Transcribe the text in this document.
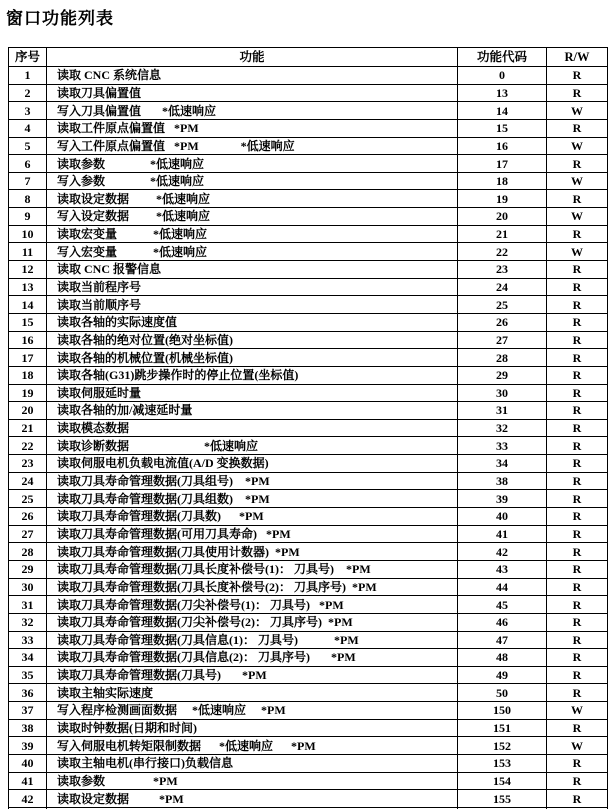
窗口功能列表
序号	功能	功能代码	R/W
1	读取 CNC 系统信息	0	R
2	读取刀具偏置值	13	R
3	写入刀具偏置值       *低速响应	14	W
4	读取工件原点偏置值   *PM	15	R
5	写入工件原点偏置值   *PM              *低速响应	16	W
6	读取参数               *低速响应	17	R
7	写入参数               *低速响应	18	W
8	读取设定数据         *低速响应	19	R
9	写入设定数据         *低速响应	20	W
10	读取宏变量            *低速响应	21	R
11	写入宏变量            *低速响应	22	W
12	读取 CNC 报警信息	23	R
13	读取当前程序号	24	R
14	读取当前顺序号	25	R
15	读取各轴的实际速度值	26	R
16	读取各轴的绝对位置(绝对坐标值)	27	R
17	读取各轴的机械位置(机械坐标值)	28	R
18	读取各轴(G31)跳步操作时的停止位置(坐标值)	29	R
19	读取伺服延时量	30	R
20	读取各轴的加/减速延时量	31	R
21	读取模态数据	32	R
22	读取诊断数据                         *低速响应	33	R
23	读取伺服电机负载电流值(A/D 变换数据)	34	R
24	读取刀具寿命管理数据(刀具组号)    *PM	38	R
25	读取刀具寿命管理数据(刀具组数)    *PM	39	R
26	读取刀具寿命管理数据(刀具数)      *PM	40	R
27	读取刀具寿命管理数据(可用刀具寿命)   *PM	41	R
28	读取刀具寿命管理数据(刀具使用计数器)  *PM	42	R
29	读取刀具寿命管理数据(刀具长度补偿号(1)： 刀具号)    *PM	43	R
30	读取刀具寿命管理数据(刀具长度补偿号(2)： 刀具序号)  *PM	44	R
31	读取刀具寿命管理数据(刀尖补偿号(1)： 刀具号)   *PM	45	R
32	读取刀具寿命管理数据(刀尖补偿号(2)： 刀具序号)  *PM	46	R
33	读取刀具寿命管理数据(刀具信息(1)： 刀具号)            *PM	47	R
34	读取刀具寿命管理数据(刀具信息(2)： 刀具序号)       *PM	48	R
35	读取刀具寿命管理数据(刀具号)       *PM	49	R
36	读取主轴实际速度	50	R
37	写入程序检测画面数据     *低速响应     *PM	150	W
38	读取时钟数据(日期和时间)	151	R
39	写入伺服电机转矩限制数据      *低速响应      *PM	152	W
40	读取主轴电机(串行接口)负载信息	153	R
41	读取参数                *PM	154	R
42	读取设定数据          *PM	155	R
